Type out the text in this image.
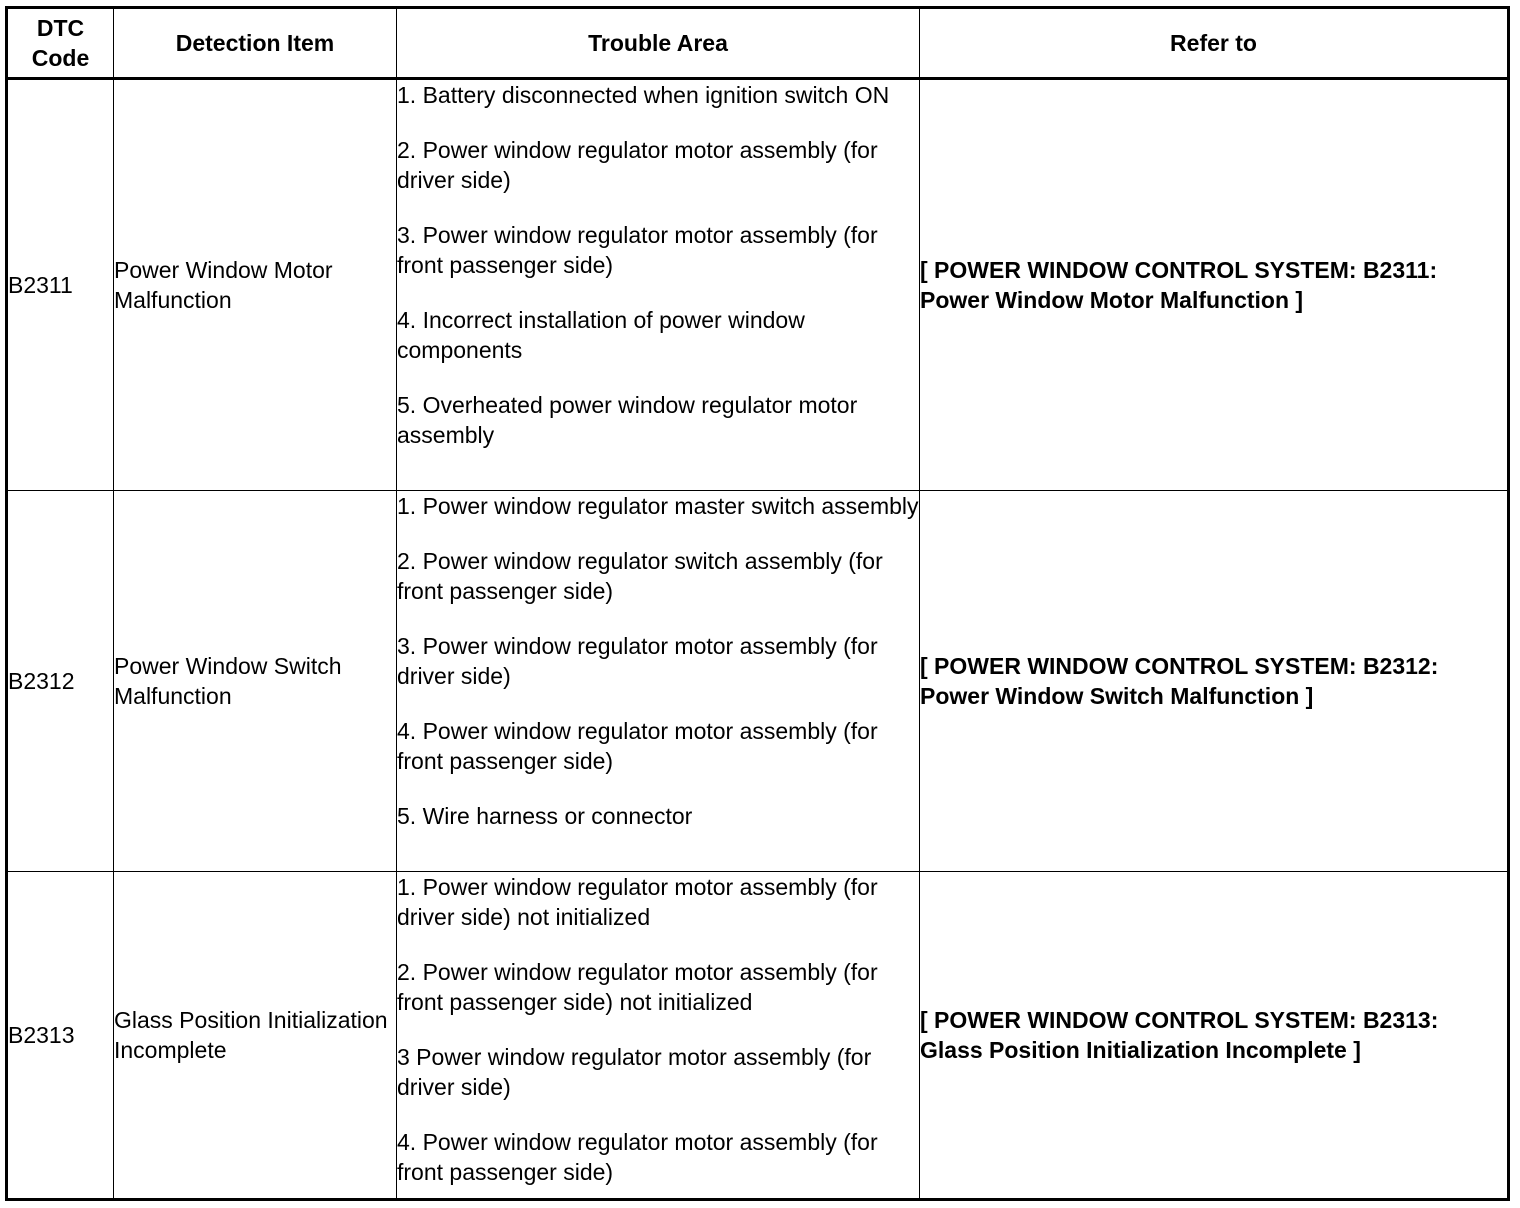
DTC Code	Detection Item	Trouble Area	Refer to
B2311	Power Window Motor Malfunction	1. Battery disconnected when ignition switch ON
2. Power window regulator motor assembly (for driver side)
3. Power window regulator motor assembly (for front passenger side)
4. Incorrect installation of power window components
5. Overheated power window regulator motor assembly	[ POWER WINDOW CONTROL SYSTEM: B2311: Power Window Motor Malfunction ]
B2312	Power Window Switch Malfunction	1. Power window regulator master switch assembly
2. Power window regulator switch assembly (for front passenger side)
3. Power window regulator motor assembly (for driver side)
4. Power window regulator motor assembly (for front passenger side)
5. Wire harness or connector	[ POWER WINDOW CONTROL SYSTEM: B2312: Power Window Switch Malfunction ]
B2313	Glass Position Initialization Incomplete	1. Power window regulator motor assembly (for driver side) not initialized
2. Power window regulator motor assembly (for front passenger side) not initialized
3 Power window regulator motor assembly (for driver side)
4. Power window regulator motor assembly (for front passenger side)	[ POWER WINDOW CONTROL SYSTEM: B2313: Glass Position Initialization Incomplete ]
